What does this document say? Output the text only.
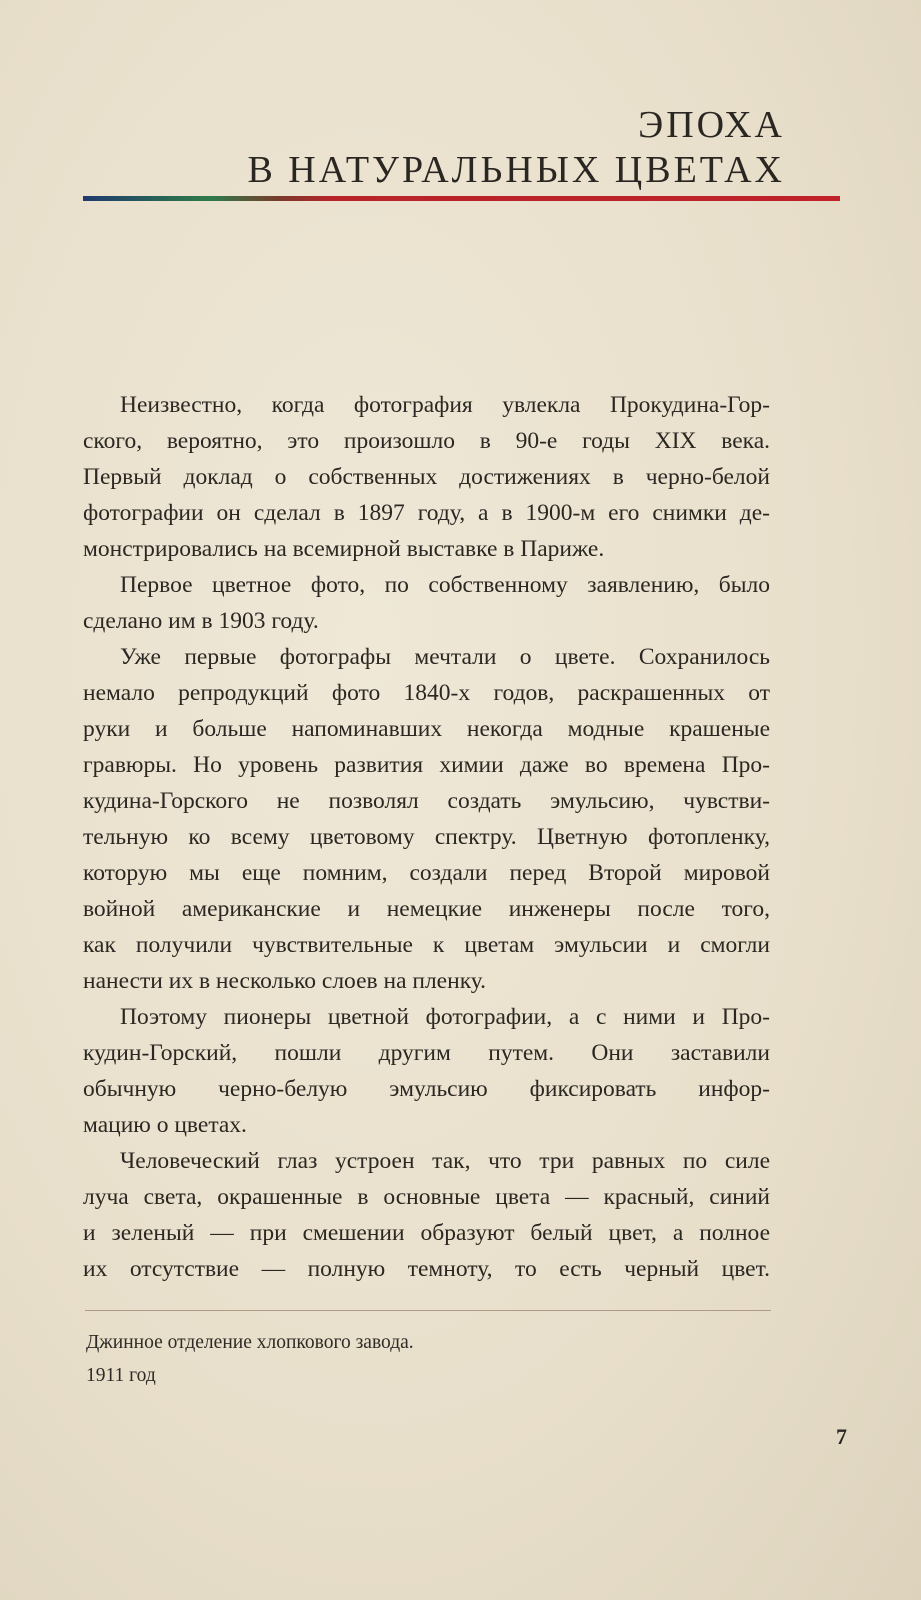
ЭПОХА
В НАТУРАЛЬНЫХ ЦВЕТАХ
Неизвестно, когда фотография увлекла Прокудина-Гор-
ского, вероятно, это произошло в 90-е годы XIX века.
Первый доклад о собственных достижениях в черно-белой
фотографии он сделал в 1897 году, а в 1900-м его снимки де-
монстрировались на всемирной выставке в Париже.
Первое цветное фото, по собственному заявлению, было
сделано им в 1903 году.
Уже первые фотографы мечтали о цвете. Сохранилось
немало репродукций фото 1840-х годов, раскрашенных от
руки и больше напоминавших некогда модные крашеные
гравюры. Но уровень развития химии даже во времена Про-
кудина-Горского не позволял создать эмульсию, чувстви-
тельную ко всему цветовому спектру. Цветную фотопленку,
которую мы еще помним, создали перед Второй мировой
войной американские и немецкие инженеры после того,
как получили чувствительные к цветам эмульсии и смогли
нанести их в несколько слоев на пленку.
Поэтому пионеры цветной фотографии, а с ними и Про-
кудин-Горский, пошли другим путем. Они заставили
обычную черно-белую эмульсию фиксировать инфор-
мацию о цветах.
Человеческий глаз устроен так, что три равных по силе
луча света, окрашенные в основные цвета — красный, синий
и зеленый — при смешении образуют белый цвет, а полное
их отсутствие — полную темноту, то есть черный цвет.
Джинное отделение хлопкового завода.
1911 год
7
